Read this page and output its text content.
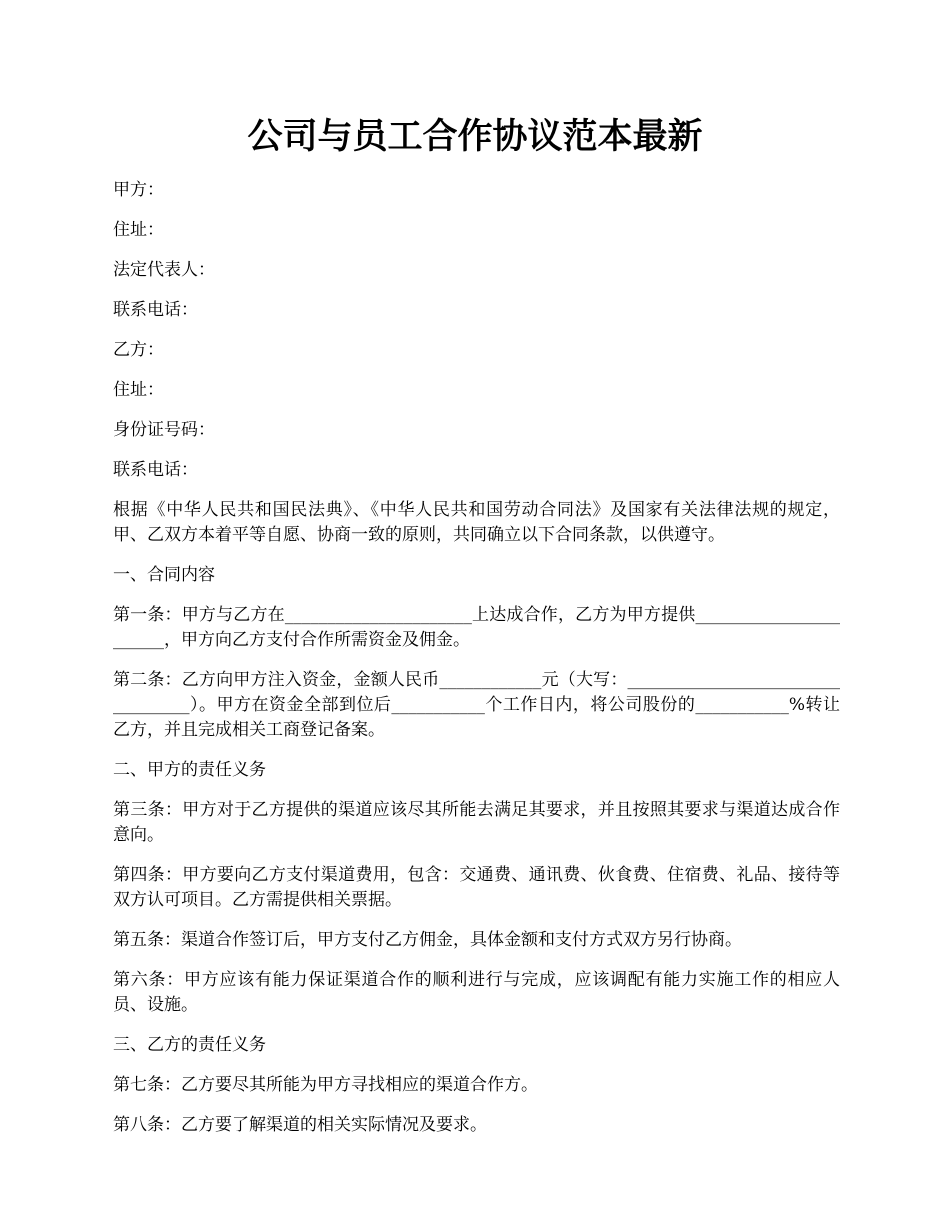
公司与员工合作协议范本最新

甲方：

住址：

法定代表人：

联系电话：

乙方：

住址：

身份证号码：

联系电话：

根据《中华人民共和国民法典》、《中华人民共和国劳动合同法》及国家有关法律法规的规定，甲、乙双方本着平等自愿、协商一致的原则，共同确立以下合同条款，以供遵守。

一、合同内容

第一条：甲方与乙方在______________________上达成合作，乙方为甲方提供_______________________，甲方向乙方支付合作所需资金及佣金。

第二条：乙方向甲方注入资金，金额人民币____________元（大写：__________________________________）。甲方在资金全部到位后___________个工作日内，将公司股份的___________%转让乙方，并且完成相关工商登记备案。

二、甲方的责任义务

第三条：甲方对于乙方提供的渠道应该尽其所能去满足其要求，并且按照其要求与渠道达成合作意向。

第四条：甲方要向乙方支付渠道费用，包含：交通费、通讯费、伙食费、住宿费、礼品、接待等双方认可项目。乙方需提供相关票据。

第五条：渠道合作签订后，甲方支付乙方佣金，具体金额和支付方式双方另行协商。

第六条：甲方应该有能力保证渠道合作的顺利进行与完成，应该调配有能力实施工作的相应人员、设施。

三、乙方的责任义务

第七条：乙方要尽其所能为甲方寻找相应的渠道合作方。

第八条：乙方要了解渠道的相关实际情况及要求。
